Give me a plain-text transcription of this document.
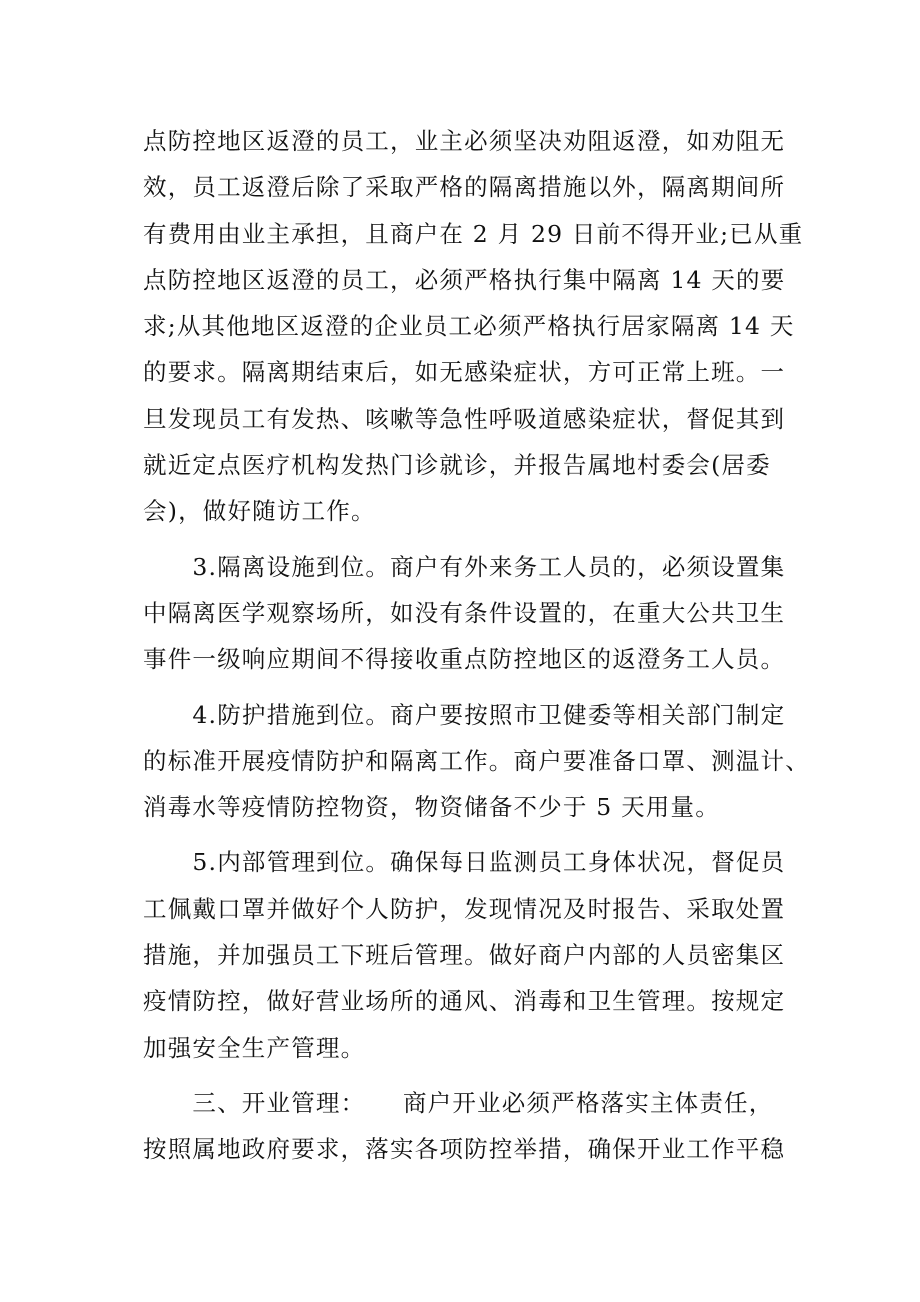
点防控地区返澄的员工，业主必须坚决劝阻返澄，如劝阻无
效，员工返澄后除了采取严格的隔离措施以外，隔离期间所
有费用由业主承担，且商户在 2 月 29 日前不得开业;已从重
点防控地区返澄的员工，必须严格执行集中隔离 14 天的要
求;从其他地区返澄的企业员工必须严格执行居家隔离 14 天
的要求。隔离期结束后，如无感染症状，方可正常上班。一
旦发现员工有发热、咳嗽等急性呼吸道感染症状，督促其到
就近定点医疗机构发热门诊就诊，并报告属地村委会(居委
会)，做好随访工作。
　　3.隔离设施到位。商户有外来务工人员的，必须设置集
中隔离医学观察场所，如没有条件设置的，在重大公共卫生
事件一级响应期间不得接收重点防控地区的返澄务工人员。
　　4.防护措施到位。商户要按照市卫健委等相关部门制定
的标准开展疫情防护和隔离工作。商户要准备口罩、测温计、
消毒水等疫情防控物资，物资储备不少于 5 天用量。
　　5.内部管理到位。确保每日监测员工身体状况，督促员
工佩戴口罩并做好个人防护，发现情况及时报告、采取处置
措施，并加强员工下班后管理。做好商户内部的人员密集区
疫情防控，做好营业场所的通风、消毒和卫生管理。按规定
加强安全生产管理。
　　三、开业管理：　　商户开业必须严格落实主体责任，
按照属地政府要求，落实各项防控举措，确保开业工作平稳
